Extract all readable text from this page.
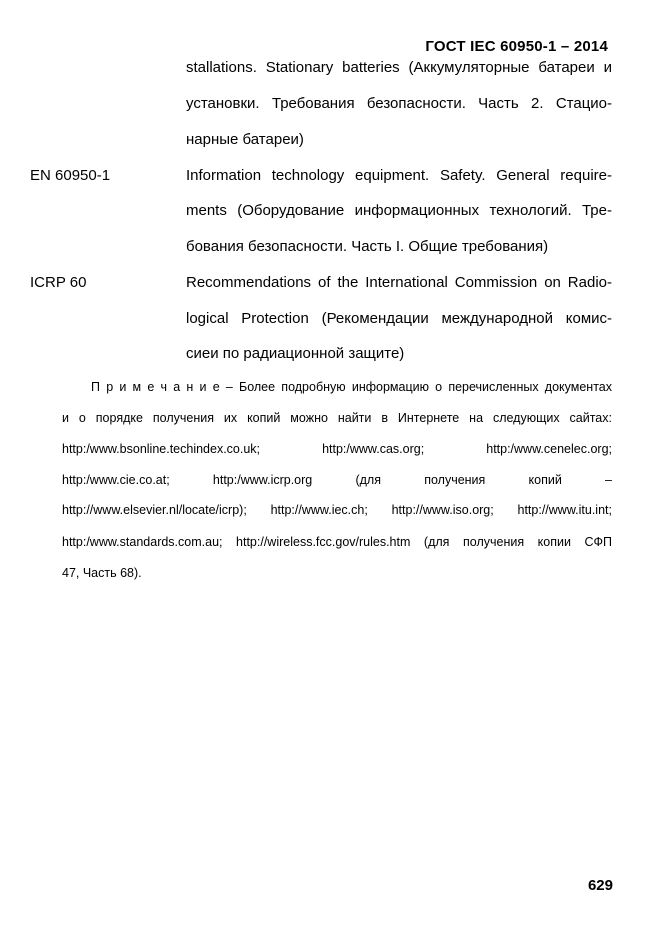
ГОСТ IEC 60950-1 – 2014
stallations. Stationary batteries (Аккумуляторные батареи и
установки. Требования безопасности. Часть 2. Стацио-
нарные батареи)
EN 60950-1	Information technology equipment. Safety. General require-
ments (Оборудование информационных технологий. Тре-
бования безопасности. Часть I. Общие требования)
ICRP 60	Recommendations of the International Commission on Radio-
logical Protection (Рекомендации международной комис-
сиеи по радиационной защите)
П р и м е ч а н и е – Более подробную информацию о перечисленных документах
и о порядке получения их копий можно найти в Интернете на следующих сайтах:
http:/www.bsonline.techindex.co.uk; http:/www.cas.org; http:/www.cenelec.org;
http:/www.cie.co.at; http:/www.icrp.org (для получения копий –
http://www.elsevier.nl/locate/icrp); http://www.iec.ch; http://www.iso.org; http://www.itu.int;
http:/www.standards.com.au; http://wireless.fcc.gov/rules.htm (для получения копии СФП
47, Часть 68).
629
